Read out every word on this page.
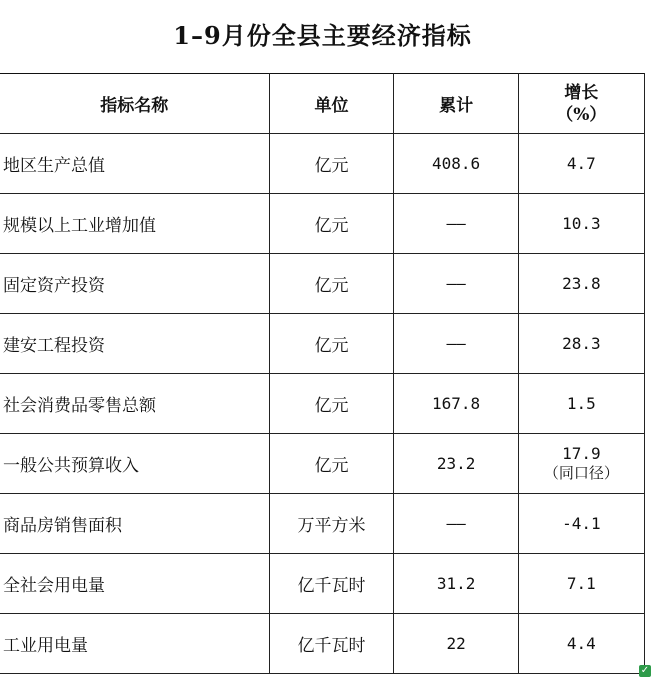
1–9月份全县主要经济指标
指标名称	单位	累计	增长
（%）

地区生产总值	亿元	408.6	4.7

规模以上工业增加值	亿元	——	10.3

固定资产投资	亿元	——	23.8

建安工程投资	亿元	——	28.3

社会消费品零售总额	亿元	167.8	1.5

一般公共预算收入	亿元	23.2	17.9
（同口径）

商品房销售面积	万平方米	——	-4.1

全社会用电量	亿千瓦时	31.2	7.1

工业用电量	亿千瓦时	22	4.4
✓
